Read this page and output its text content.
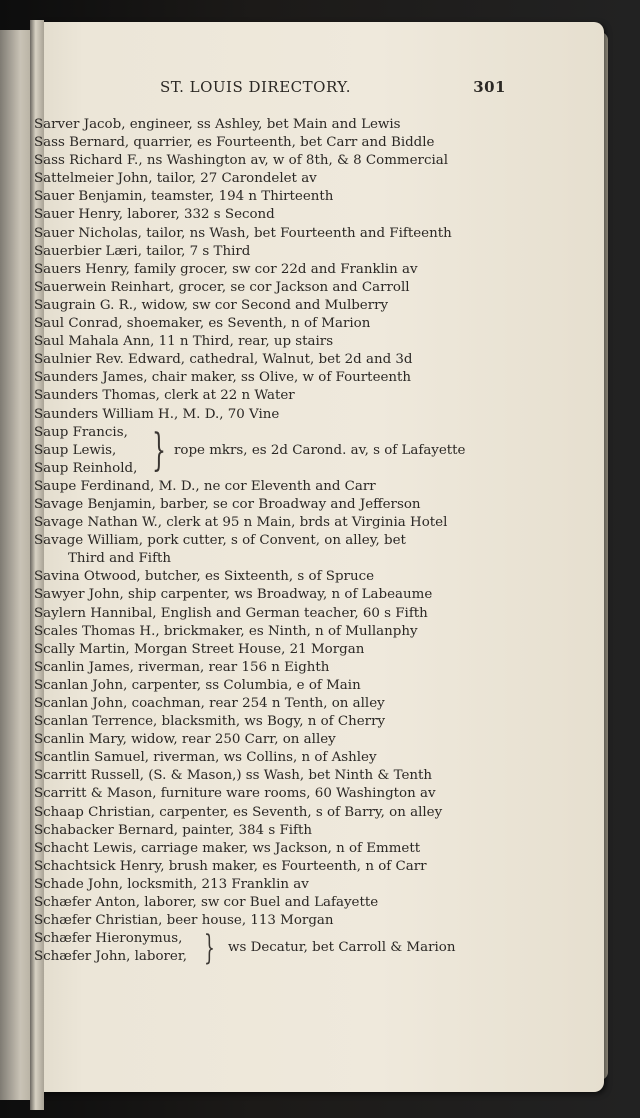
ST. LOUIS DIRECTORY.	301
Sarver Jacob, engineer, ss Ashley, bet Main and Lewis
Sass Bernard, quarrier, es Fourteenth, bet Carr and Biddle
Sass Richard F., ns Washington av, w of 8th, & 8 Commercial
Sattelmeier John, tailor, 27 Carondelet av
Sauer Benjamin, teamster, 194 n Thirteenth
Sauer Henry, laborer, 332 s Second
Sauer Nicholas, tailor, ns Wash, bet Fourteenth and Fifteenth
Sauerbier Læri, tailor, 7 s Third
Sauers Henry, family grocer, sw cor 22d and Franklin av
Sauerwein Reinhart, grocer, se cor Jackson and Carroll
Saugrain G. R., widow, sw cor Second and Mulberry
Saul Conrad, shoemaker, es Seventh, n of Marion
Saul Mahala Ann, 11 n Third, rear, up stairs
Saulnier Rev. Edward, cathedral, Walnut, bet 2d and 3d
Saunders James, chair maker, ss Olive, w of Fourteenth
Saunders Thomas, clerk at 22 n Water
Saunders William H., M. D., 70 Vine
Saup Francis,
Saup Lewis,
Saup Reinhold, } rope mkrs, es 2d Carond. av, s of Lafayette
Saupe Ferdinand, M. D., ne cor Eleventh and Carr
Savage Benjamin, barber, se cor Broadway and Jefferson
Savage Nathan W., clerk at 95 n Main, brds at Virginia Hotel
Savage William, pork cutter, s of Convent, on alley, bet
Third and Fifth
Savina Otwood, butcher, es Sixteenth, s of Spruce
Sawyer John, ship carpenter, ws Broadway, n of Labeaume
Saylern Hannibal, English and German teacher, 60 s Fifth
Scales Thomas H., brickmaker, es Ninth, n of Mullanphy
Scally Martin, Morgan Street House, 21 Morgan
Scanlin James, riverman, rear 156 n Eighth
Scanlan John, carpenter, ss Columbia, e of Main
Scanlan John, coachman, rear 254 n Tenth, on alley
Scanlan Terrence, blacksmith, ws Bogy, n of Cherry
Scanlin Mary, widow, rear 250 Carr, on alley
Scantlin Samuel, riverman, ws Collins, n of Ashley
Scarritt Russell, (S. & Mason,) ss Wash, bet Ninth & Tenth
Scarritt & Mason, furniture ware rooms, 60 Washington av
Schaap Christian, carpenter, es Seventh, s of Barry, on alley
Schabacker Bernard, painter, 384 s Fifth
Schacht Lewis, carriage maker, ws Jackson, n of Emmett
Schachtsick Henry, brush maker, es Fourteenth, n of Carr
Schade John, locksmith, 213 Franklin av
Schæfer Anton, laborer, sw cor Buel and Lafayette
Schæfer Christian, beer house, 113 Morgan
Schæfer Hieronymus,
Schæfer John, laborer, } ws Decatur, bet Carroll & Marion
